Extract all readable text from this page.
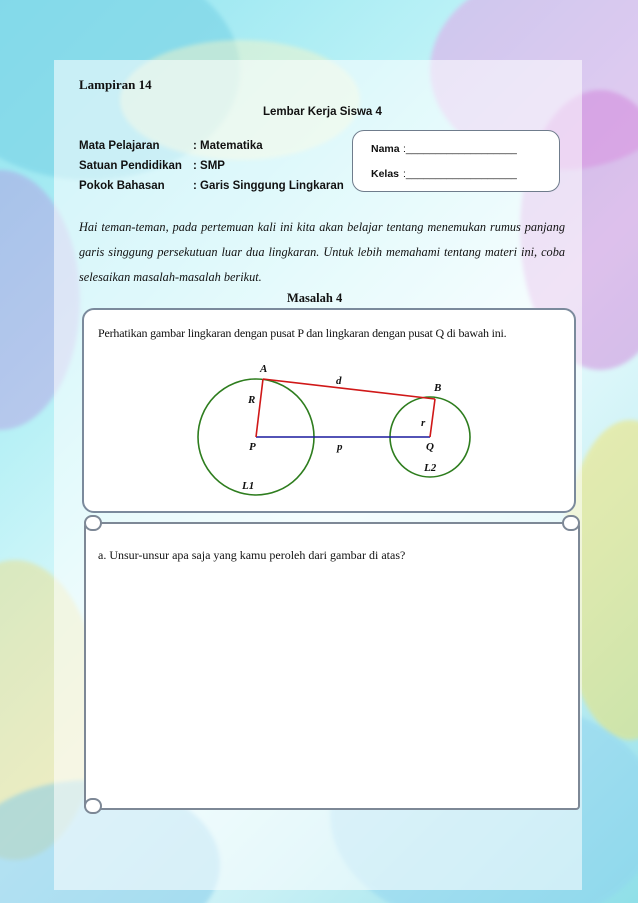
Lampiran 14
Lembar Kerja Siswa 4
Mata Pelajaran	: Matematika
Satuan Pendidikan : SMP
Pokok Bahasan : Garis Singgung Lingkaran
Nama :___________________
Kelas :___________________
Hai teman-teman, pada pertemuan kali ini kita akan belajar tentang menemukan rumus panjang garis singgung persekutuan luar dua lingkaran. Untuk lebih memahami tentang materi ini, coba selesaikan masalah-masalah berikut.
Masalah 4
Perhatikan gambar lingkaran dengan pusat P dan lingkaran dengan pusat Q di bawah ini.
A
B
d
R
r
P	p	Q
L1
L2
a. Unsur-unsur apa saja yang kamu peroleh dari gambar di atas?
